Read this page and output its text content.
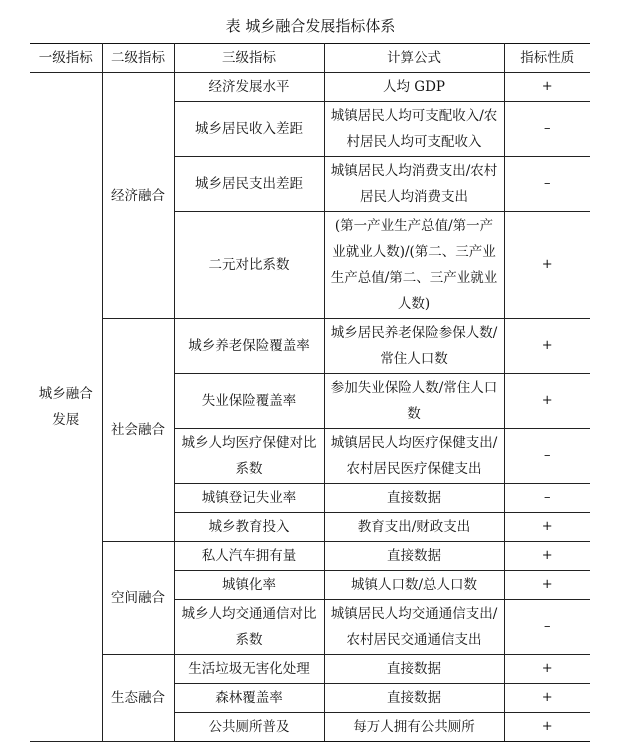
表 城乡融合发展指标体系
一级指标	二级指标	三级指标	计算公式	指标性质
城乡融合发展	经济融合	经济发展水平	人均 GDP	+
		城乡居民收入差距	城镇居民人均可支配收入/农村居民人均可支配收入	–
		城乡居民支出差距	城镇居民人均消费支出/农村居民人均消费支出	–
		二元对比系数	(第一产业生产总值/第一产业就业人数)/(第二、三产业生产总值/第二、三产业就业人数)	+
	社会融合	城乡养老保险覆盖率	城乡居民养老保险参保人数/常住人口数	+
		失业保险覆盖率	参加失业保险人数/常住人口数	+
		城乡人均医疗保健对比系数	城镇居民人均医疗保健支出/农村居民医疗保健支出	–
		城镇登记失业率	直接数据	–
		城乡教育投入	教育支出/财政支出	+
	空间融合	私人汽车拥有量	直接数据	+
		城镇化率	城镇人口数/总人口数	+
		城乡人均交通通信对比系数	城镇居民人均交通通信支出/农村居民交通通信支出	–
	生态融合	生活垃圾无害化处理	直接数据	+
		森林覆盖率	直接数据	+
		公共厕所普及	每万人拥有公共厕所	+
